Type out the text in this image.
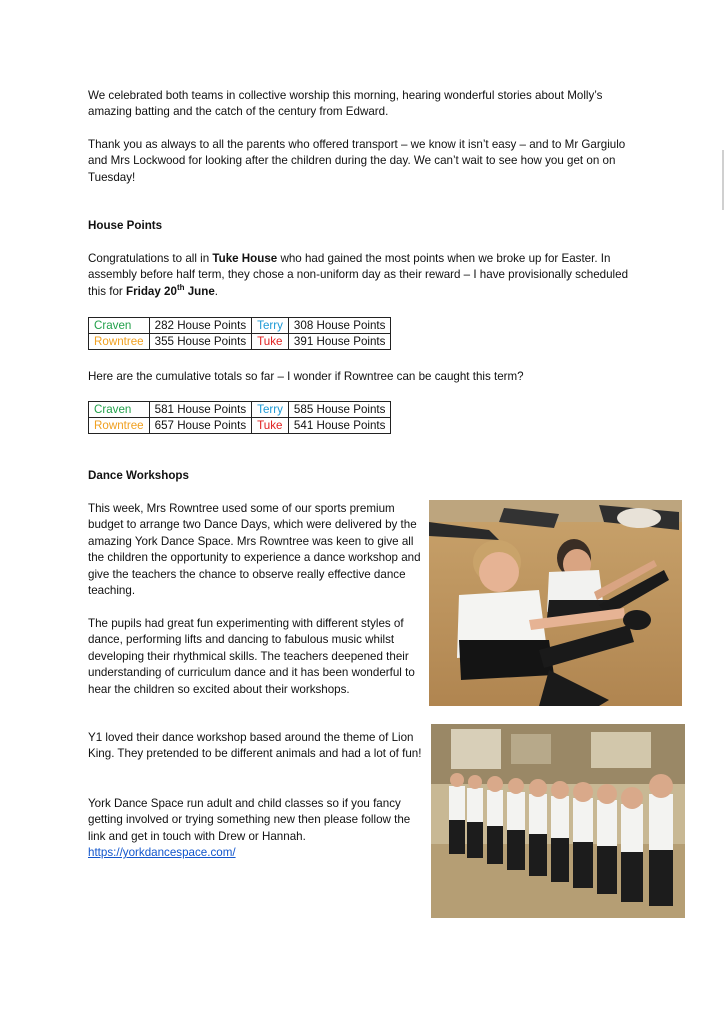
We celebrated both teams in collective worship this morning, hearing wonderful stories about Molly’s amazing batting and the catch of the century from Edward.

Thank you as always to all the parents who offered transport – we know it isn’t easy – and to Mr Gargiulo and Mrs Lockwood for looking after the children during the day. We can’t wait to see how you get on on Tuesday!

House Points

Congratulations to all in Tuke House who had gained the most points when we broke up for Easter. In assembly before half term, they chose a non-uniform day as their reward – I have provisionally scheduled this for Friday 20th June.

Craven	282 House Points	Terry	308 House Points
Rowntree	355 House Points	Tuke	391 House Points

Here are the cumulative totals so far – I wonder if Rowntree can be caught this term?

Craven	581 House Points	Terry	585 House Points
Rowntree	657 House Points	Tuke	541 House Points

Dance Workshops

This week, Mrs Rowntree used some of our sports premium budget to arrange two Dance Days, which were delivered by the amazing York Dance Space. Mrs Rowntree was keen to give all the children the opportunity to experience a dance workshop and give the teachers the chance to observe really effective dance teaching.

The pupils had great fun experimenting with different styles of dance, performing lifts and dancing to fabulous music whilst developing their rhythmical skills. The teachers deepened their understanding of curriculum dance and it has been wonderful to hear the children so excited about their workshops.

Y1 loved their dance workshop based around the theme of Lion King. They pretended to be different animals and had a lot of fun!

York Dance Space run adult and child classes so if you fancy getting involved or trying something new then please follow the link and get in touch with Drew or Hannah.
https://yorkdancespace.com/
